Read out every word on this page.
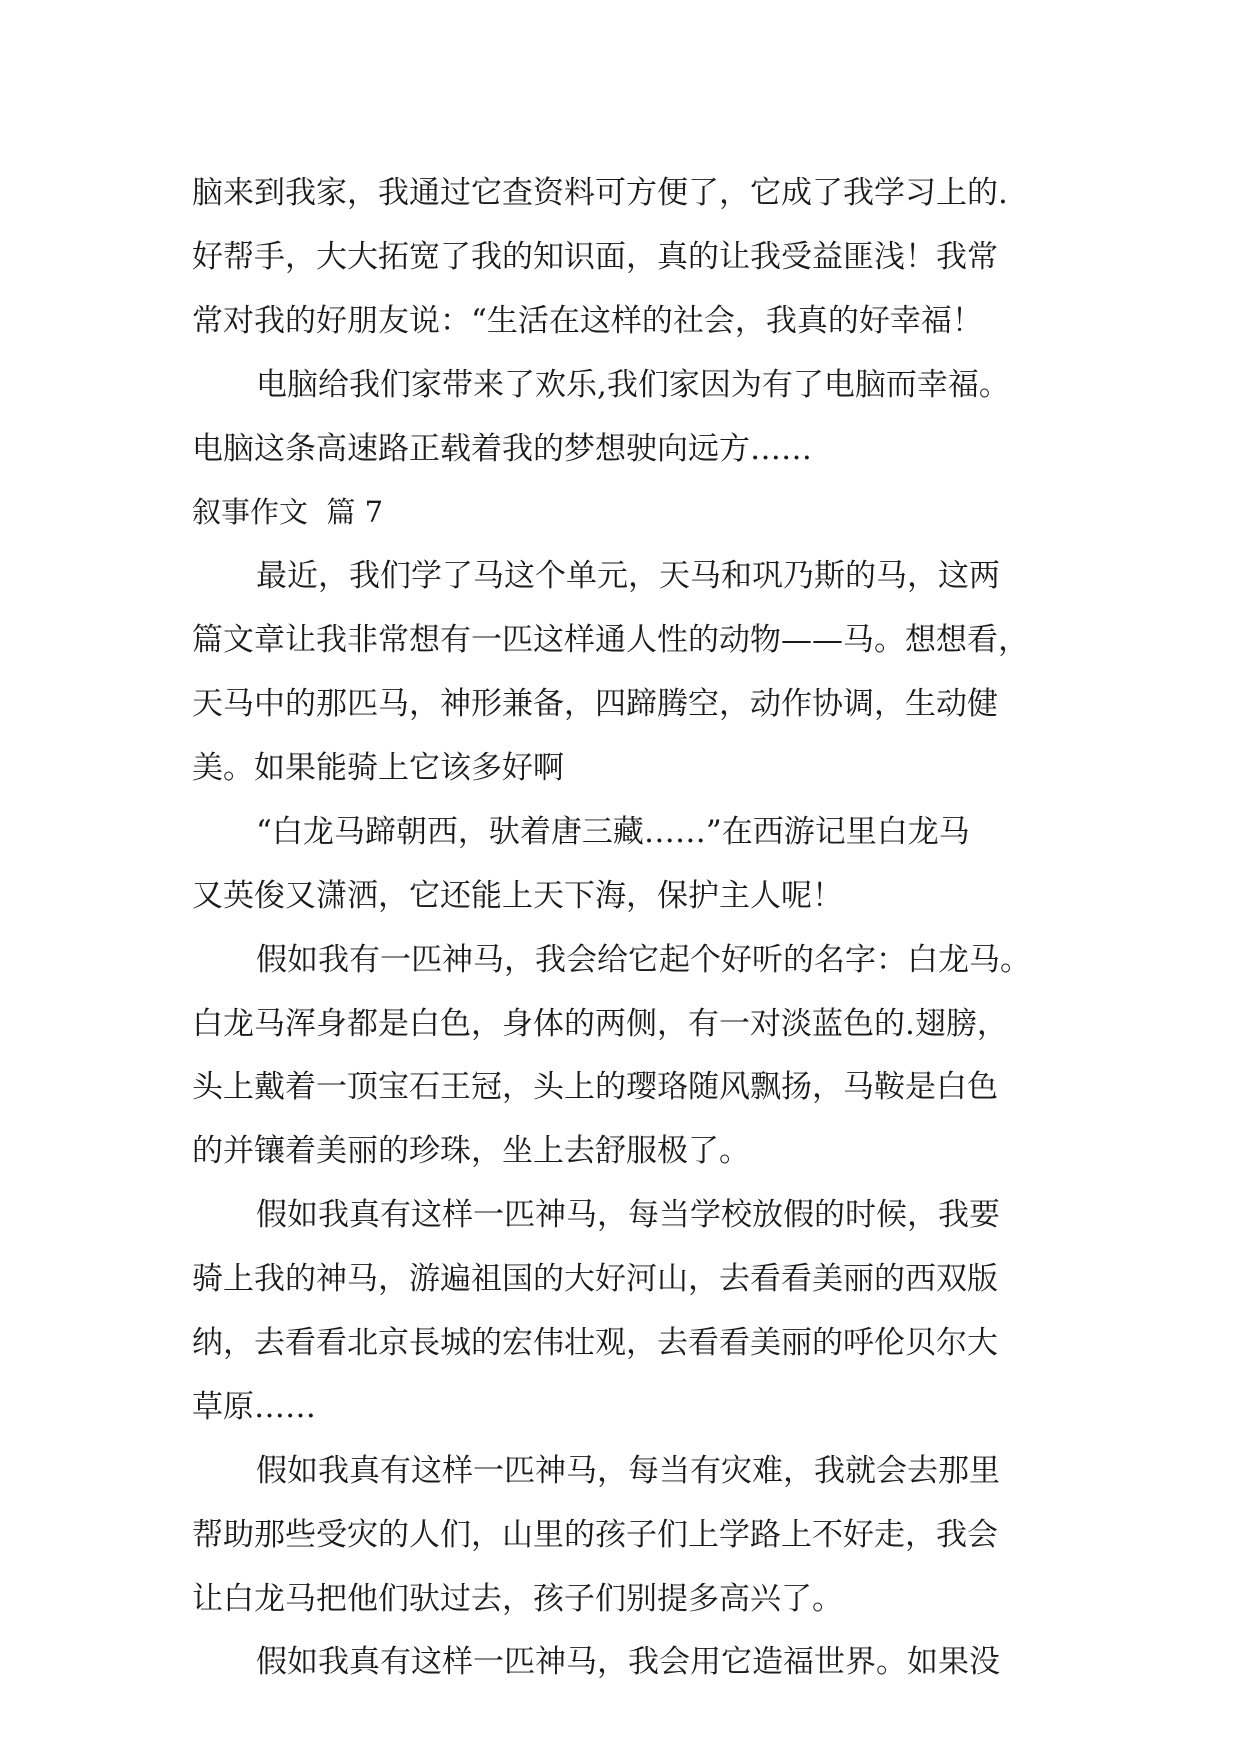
脑来到我家，我通过它查资料可方便了，它成了我学习上的.
好帮手，大大拓宽了我的知识面，真的让我受益匪浅！我常
常对我的好朋友说：“生活在这样的社会，我真的好幸福！
电脑给我们家带来了欢乐,我们家因为有了电脑而幸福。
电脑这条高速路正载着我的梦想驶向远方……
叙事作文  篇 7
最近，我们学了马这个单元，天马和巩乃斯的马，这两
篇文章让我非常想有一匹这样通人性的动物——马。想想看，
天马中的那匹马，神形兼备，四蹄腾空，动作协调，生动健
美。如果能骑上它该多好啊
“白龙马蹄朝西，驮着唐三藏……”在西游记里白龙马
又英俊又潇洒，它还能上天下海，保护主人呢！
假如我有一匹神马，我会给它起个好听的名字：白龙马。
白龙马浑身都是白色，身体的两侧，有一对淡蓝色的.翅膀，
头上戴着一顶宝石王冠，头上的璎珞随风飘扬，马鞍是白色
的并镶着美丽的珍珠，坐上去舒服极了。
假如我真有这样一匹神马，每当学校放假的时候，我要
骑上我的神马，游遍祖国的大好河山，去看看美丽的西双版
纳，去看看北京長城的宏伟壮观，去看看美丽的呼伦贝尔大
草原……
假如我真有这样一匹神马，每当有灾难，我就会去那里
帮助那些受灾的人们，山里的孩子们上学路上不好走，我会
让白龙马把他们驮过去，孩子们别提多高兴了。
假如我真有这样一匹神马，我会用它造福世界。如果没
